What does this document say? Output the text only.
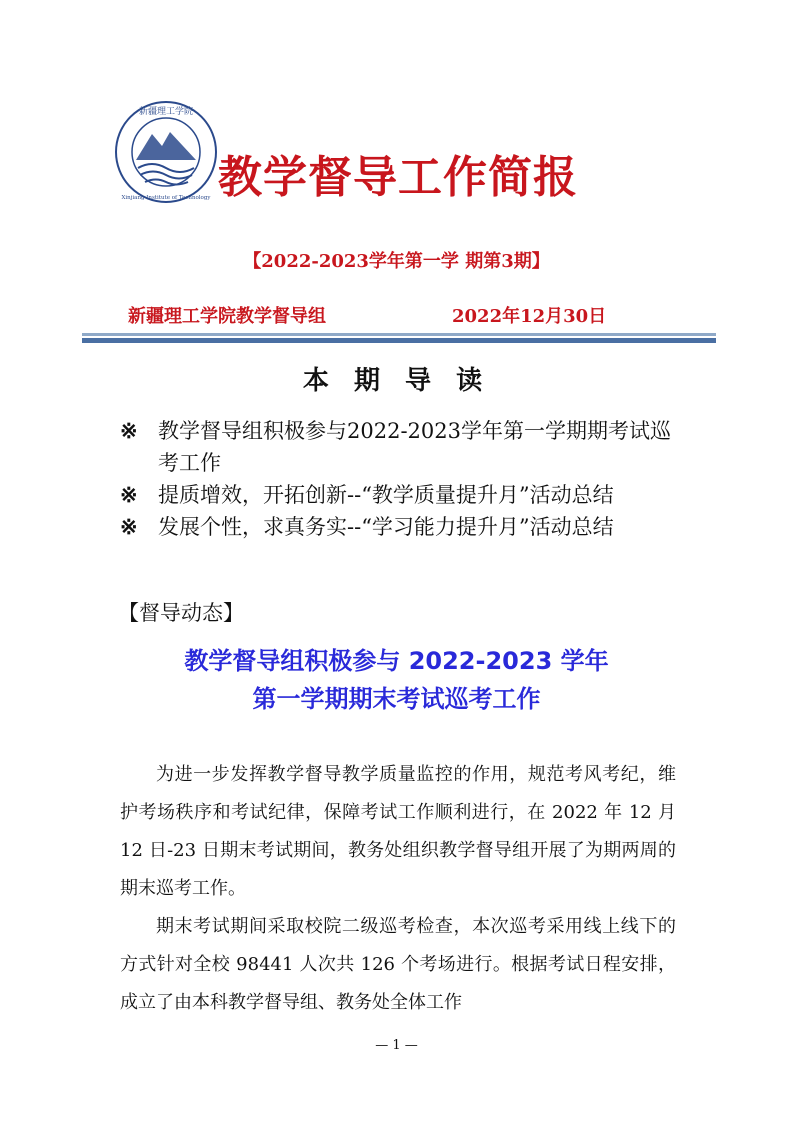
新疆理工学院
Xinjiang Institute of Technology 教学督导工作简报
【2022-2023学年第一学 期第3期】
新疆理工学院教学督导组	2022年12月30日
本 期 导 读
※ 教学督导组积极参与2022-2023学年第一学期期考试巡考工作
※ 提质增效，开拓创新--“教学质量提升月”活动总结
※ 发展个性，求真务实--“学习能力提升月”活动总结
【督导动态】
教学督导组积极参与 2022-2023 学年
第一学期期末考试巡考工作

为进一步发挥教学督导教学质量监控的作用，规范考风考纪，维护考场秩序和考试纪律，保障考试工作顺利进行，在 2022 年 12 月 12 日-23 日期末考试期间，教务处组织教学督导组开展了为期两周的期末巡考工作。

期末考试期间采取校院二级巡考检查，本次巡考采用线上线下的方式针对全校 98441 人次共 126 个考场进行。根据考试日程安排，成立了由本科教学督导组、教务处全体工作

— 1 —
